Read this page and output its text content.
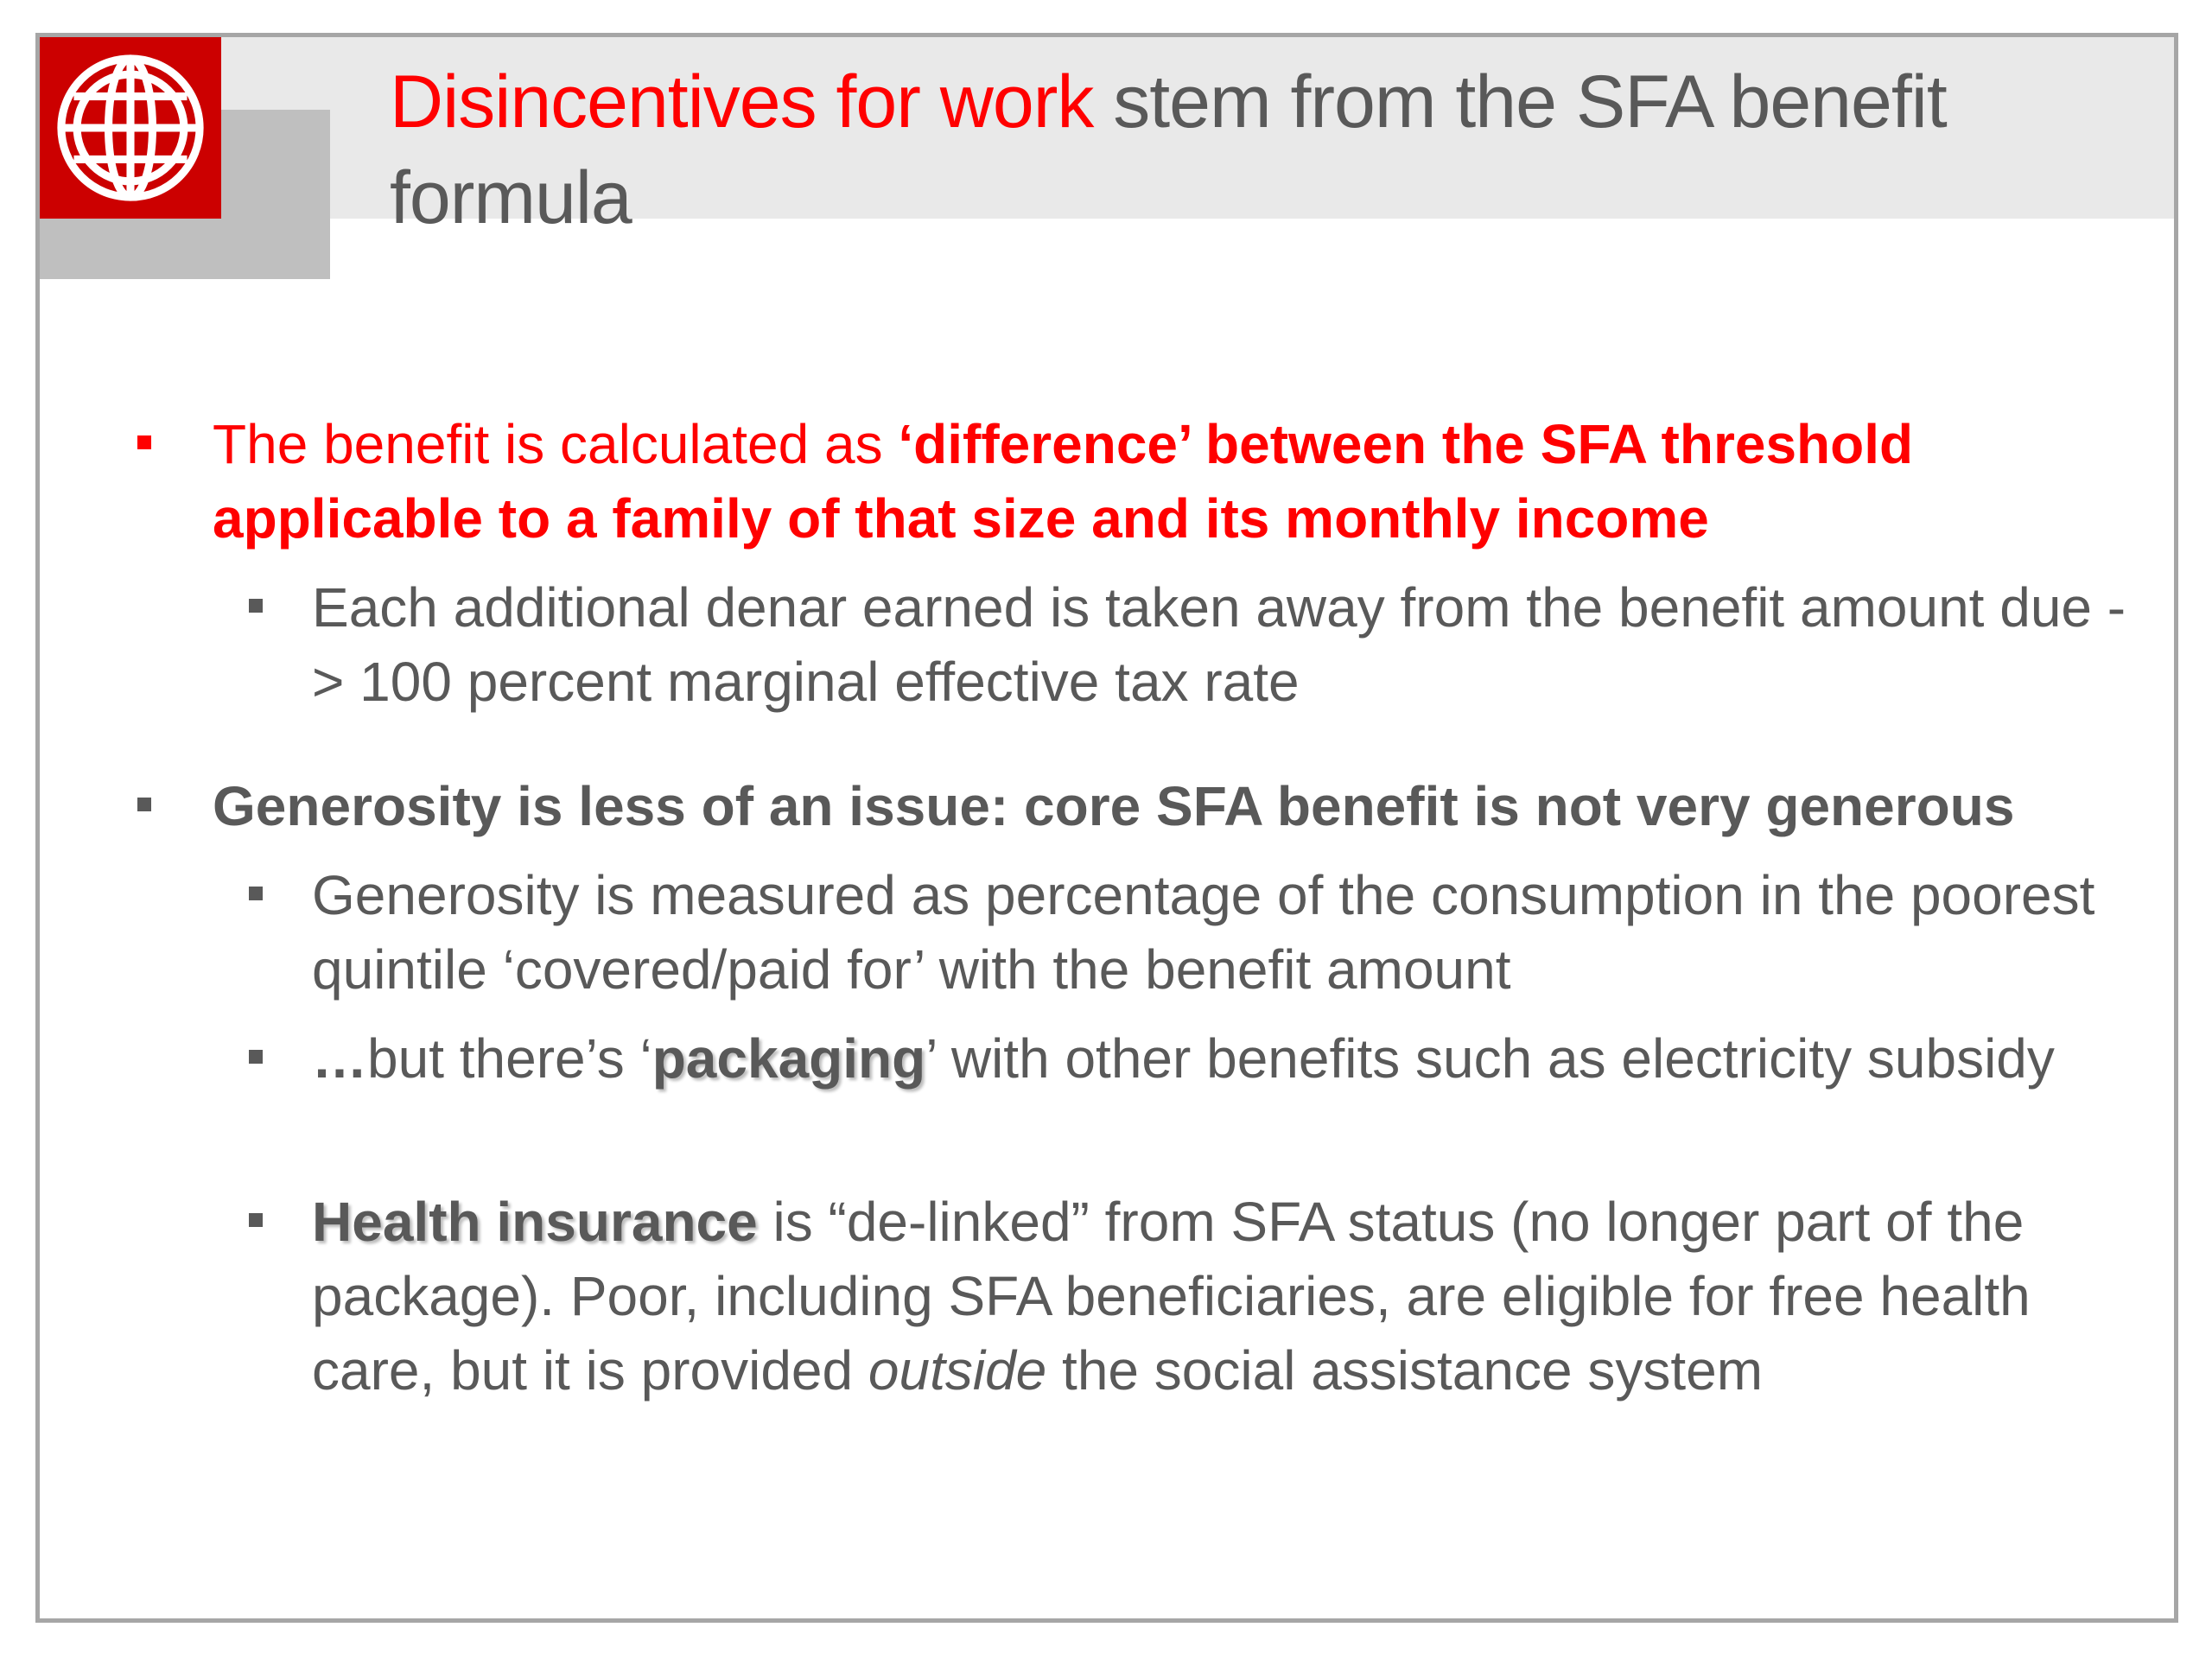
Disincentives for work stem from the SFA benefit formula
The benefit is calculated as ‘difference’ between the SFA threshold applicable to a family of that size and its monthly income
Each additional denar earned is taken away from the benefit amount due -> 100 percent marginal effective tax rate
Generosity is less of an issue: core SFA benefit is not very generous
Generosity is measured as percentage of the consumption in the poorest quintile ‘covered/paid for’ with the benefit amount
…but there’s ‘packaging’ with other benefits such as electricity subsidy
Health insurance is “de-linked” from SFA status (no longer part of the package). Poor, including SFA beneficiaries, are eligible for free health care, but it is provided outside the social assistance system
